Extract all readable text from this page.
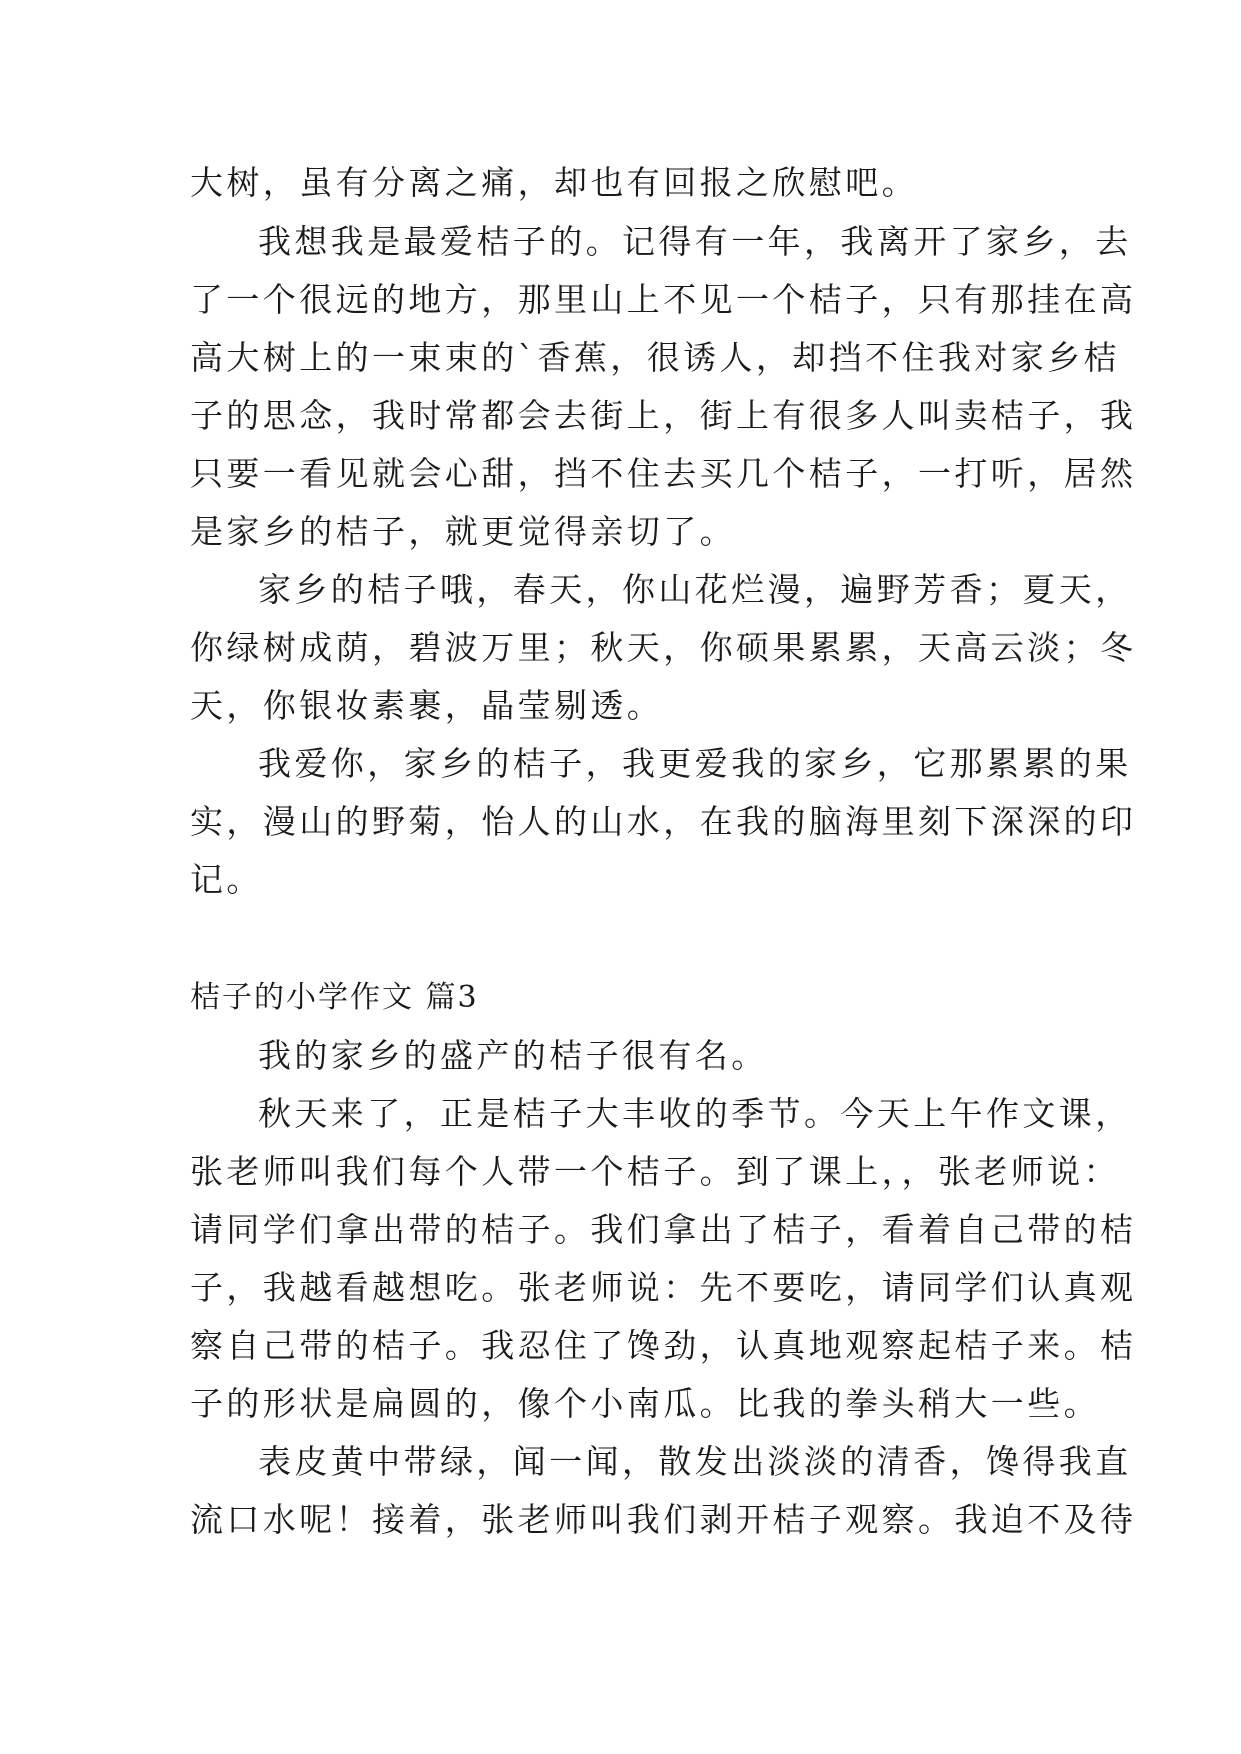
大树，虽有分离之痛，却也有回报之欣慰吧。
我想我是最爱桔子的。记得有一年，我离开了家乡，去
了一个很远的地方，那里山上不见一个桔子，只有那挂在高
高大树上的一束束的`香蕉，很诱人，却挡不住我对家乡桔
子的思念，我时常都会去街上，街上有很多人叫卖桔子，我
只要一看见就会心甜，挡不住去买几个桔子，一打听，居然
是家乡的桔子，就更觉得亲切了。
家乡的桔子哦，春天，你山花烂漫，遍野芳香；夏天，
你绿树成荫，碧波万里；秋天，你硕果累累，天高云淡；冬
天，你银妆素裹，晶莹剔透。
我爱你，家乡的桔子，我更爱我的家乡，它那累累的果
实，漫山的野菊，怡人的山水，在我的脑海里刻下深深的印
记。
桔子的小学作文 篇3
我的家乡的盛产的桔子很有名。
秋天来了，正是桔子大丰收的季节。今天上午作文课，
张老师叫我们每个人带一个桔子。到了课上，，张老师说：
请同学们拿出带的桔子。我们拿出了桔子，看着自己带的桔
子，我越看越想吃。张老师说：先不要吃，请同学们认真观
察自己带的桔子。我忍住了馋劲，认真地观察起桔子来。桔
子的形状是扁圆的，像个小南瓜。比我的拳头稍大一些。
表皮黄中带绿，闻一闻，散发出淡淡的清香，馋得我直
流口水呢！接着，张老师叫我们剥开桔子观察。我迫不及待
